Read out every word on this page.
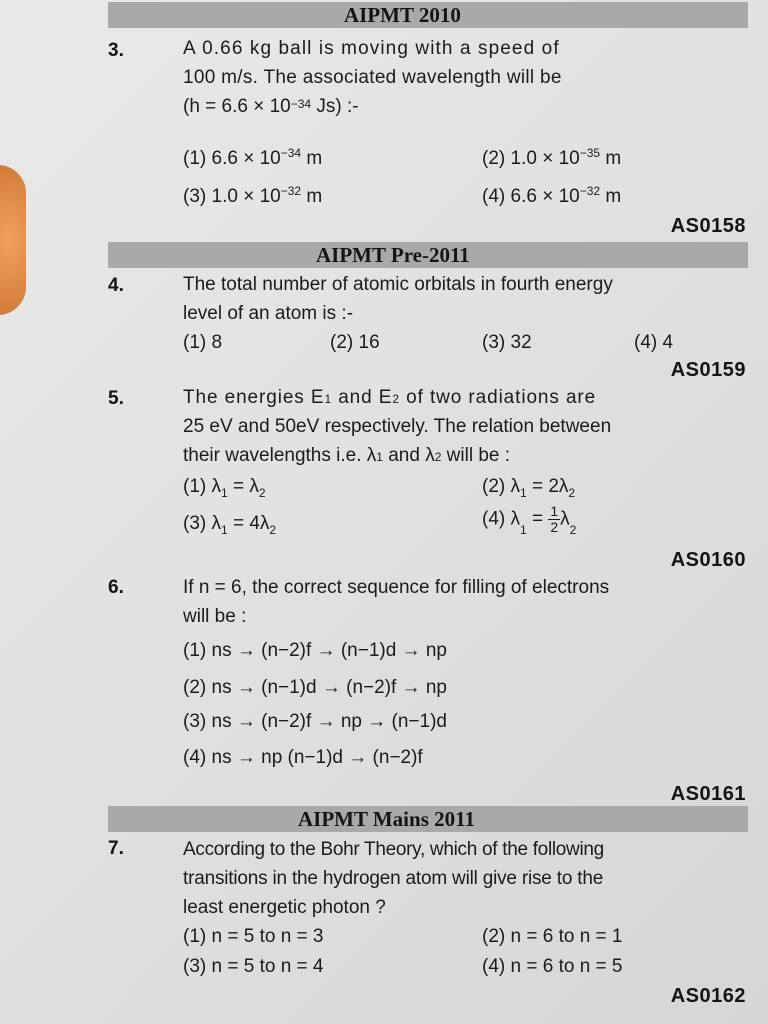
AIPMT 2010
3.	A 0.66 kg ball is moving with a speed of
100 m/s. The associated wavelength will be
($h = 6.6 \times 10^{-34}$ Js) :-
(1) $6.6 \times 10^{-34}$ m	(2) $1.0 \times 10^{-35}$ m
(3) $1.0 \times 10^{-32}$ m	(4) $6.6 \times 10^{-32}$ m
AS0158
AIPMT Pre-2011
4.	The total number of atomic orbitals in fourth energy
level of an atom is :-
(1) 8	(2) 16	(3) 32	(4) 4
AS0159
5.	The energies $E_1$ and $E_2$ of two radiations are
25 eV and 50eV respectively. The relation between
their wavelengths i.e. $\lambda_1$ and $\lambda_2$ will be :
(1) $\lambda_1 = \lambda_2$	(2) $\lambda_1 = 2\lambda_2$
(3) $\lambda_1 = 4\lambda_2$
(4) $\lambda_1 = \frac{1}{2} \lambda_2$
AS0160
6.	If n = 6, the correct sequence for filling of electrons
will be :
(1) ns → (n−2)f → (n−1)d → np
(2) ns → (n−1)d → (n−2)f → np
(3) ns → (n−2)f → np → (n−1)d
(4) ns → np (n−1)d → (n−2)f
AS0161
AIPMT Mains 2011
7.	According to the Bohr Theory, which of the following
transitions in the hydrogen atom will give rise to the
least energetic photon ?
(1) n = 5 to n = 3	(2) n = 6 to n = 1
(3) n = 5 to n = 4	(4) n = 6 to n = 5
AS0162
